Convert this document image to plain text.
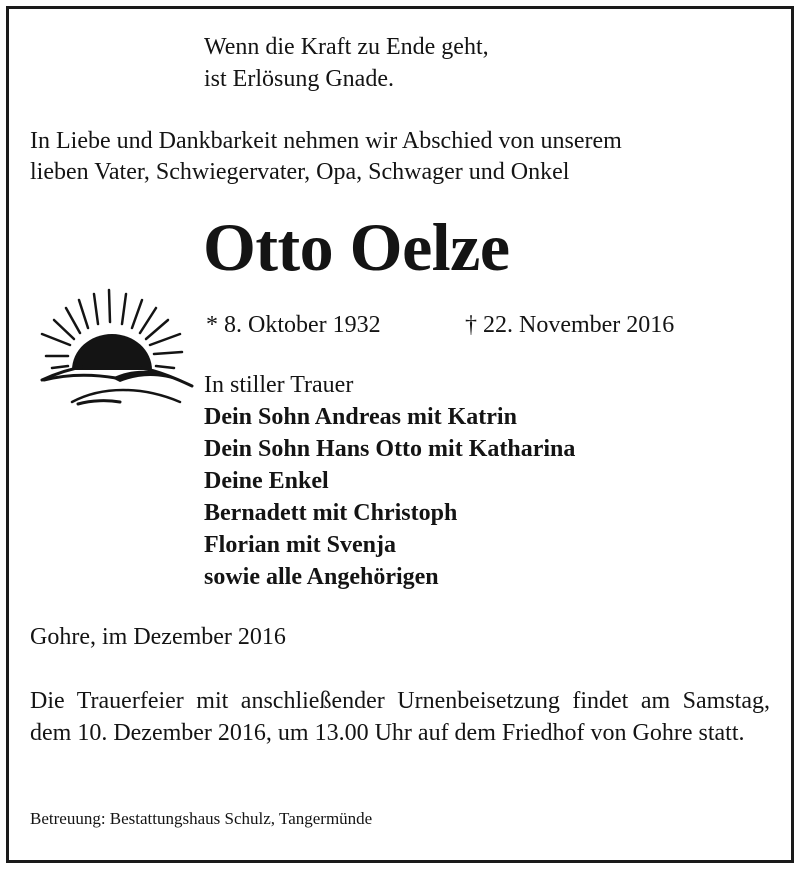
Wenn die Kraft zu Ende geht,
ist Erlösung Gnade.
In Liebe und Dankbarkeit nehmen wir Abschied von unserem
lieben Vater, Schwiegervater, Opa, Schwager und Onkel
Otto Oelze
* 8. Oktober 1932	† 22. November 2016
In stiller Trauer
Dein Sohn Andreas mit Katrin
Dein Sohn Hans Otto mit Katharina
Deine Enkel
Bernadett mit Christoph
Florian mit Svenja
sowie alle Angehörigen
Gohre, im Dezember 2016
Die Trauerfeier mit anschließender Urnenbeisetzung findet am Samstag, dem 10. Dezember 2016, um 13.00 Uhr auf dem Friedhof von Gohre statt.
Betreuung: Bestattungshaus Schulz, Tangermünde
